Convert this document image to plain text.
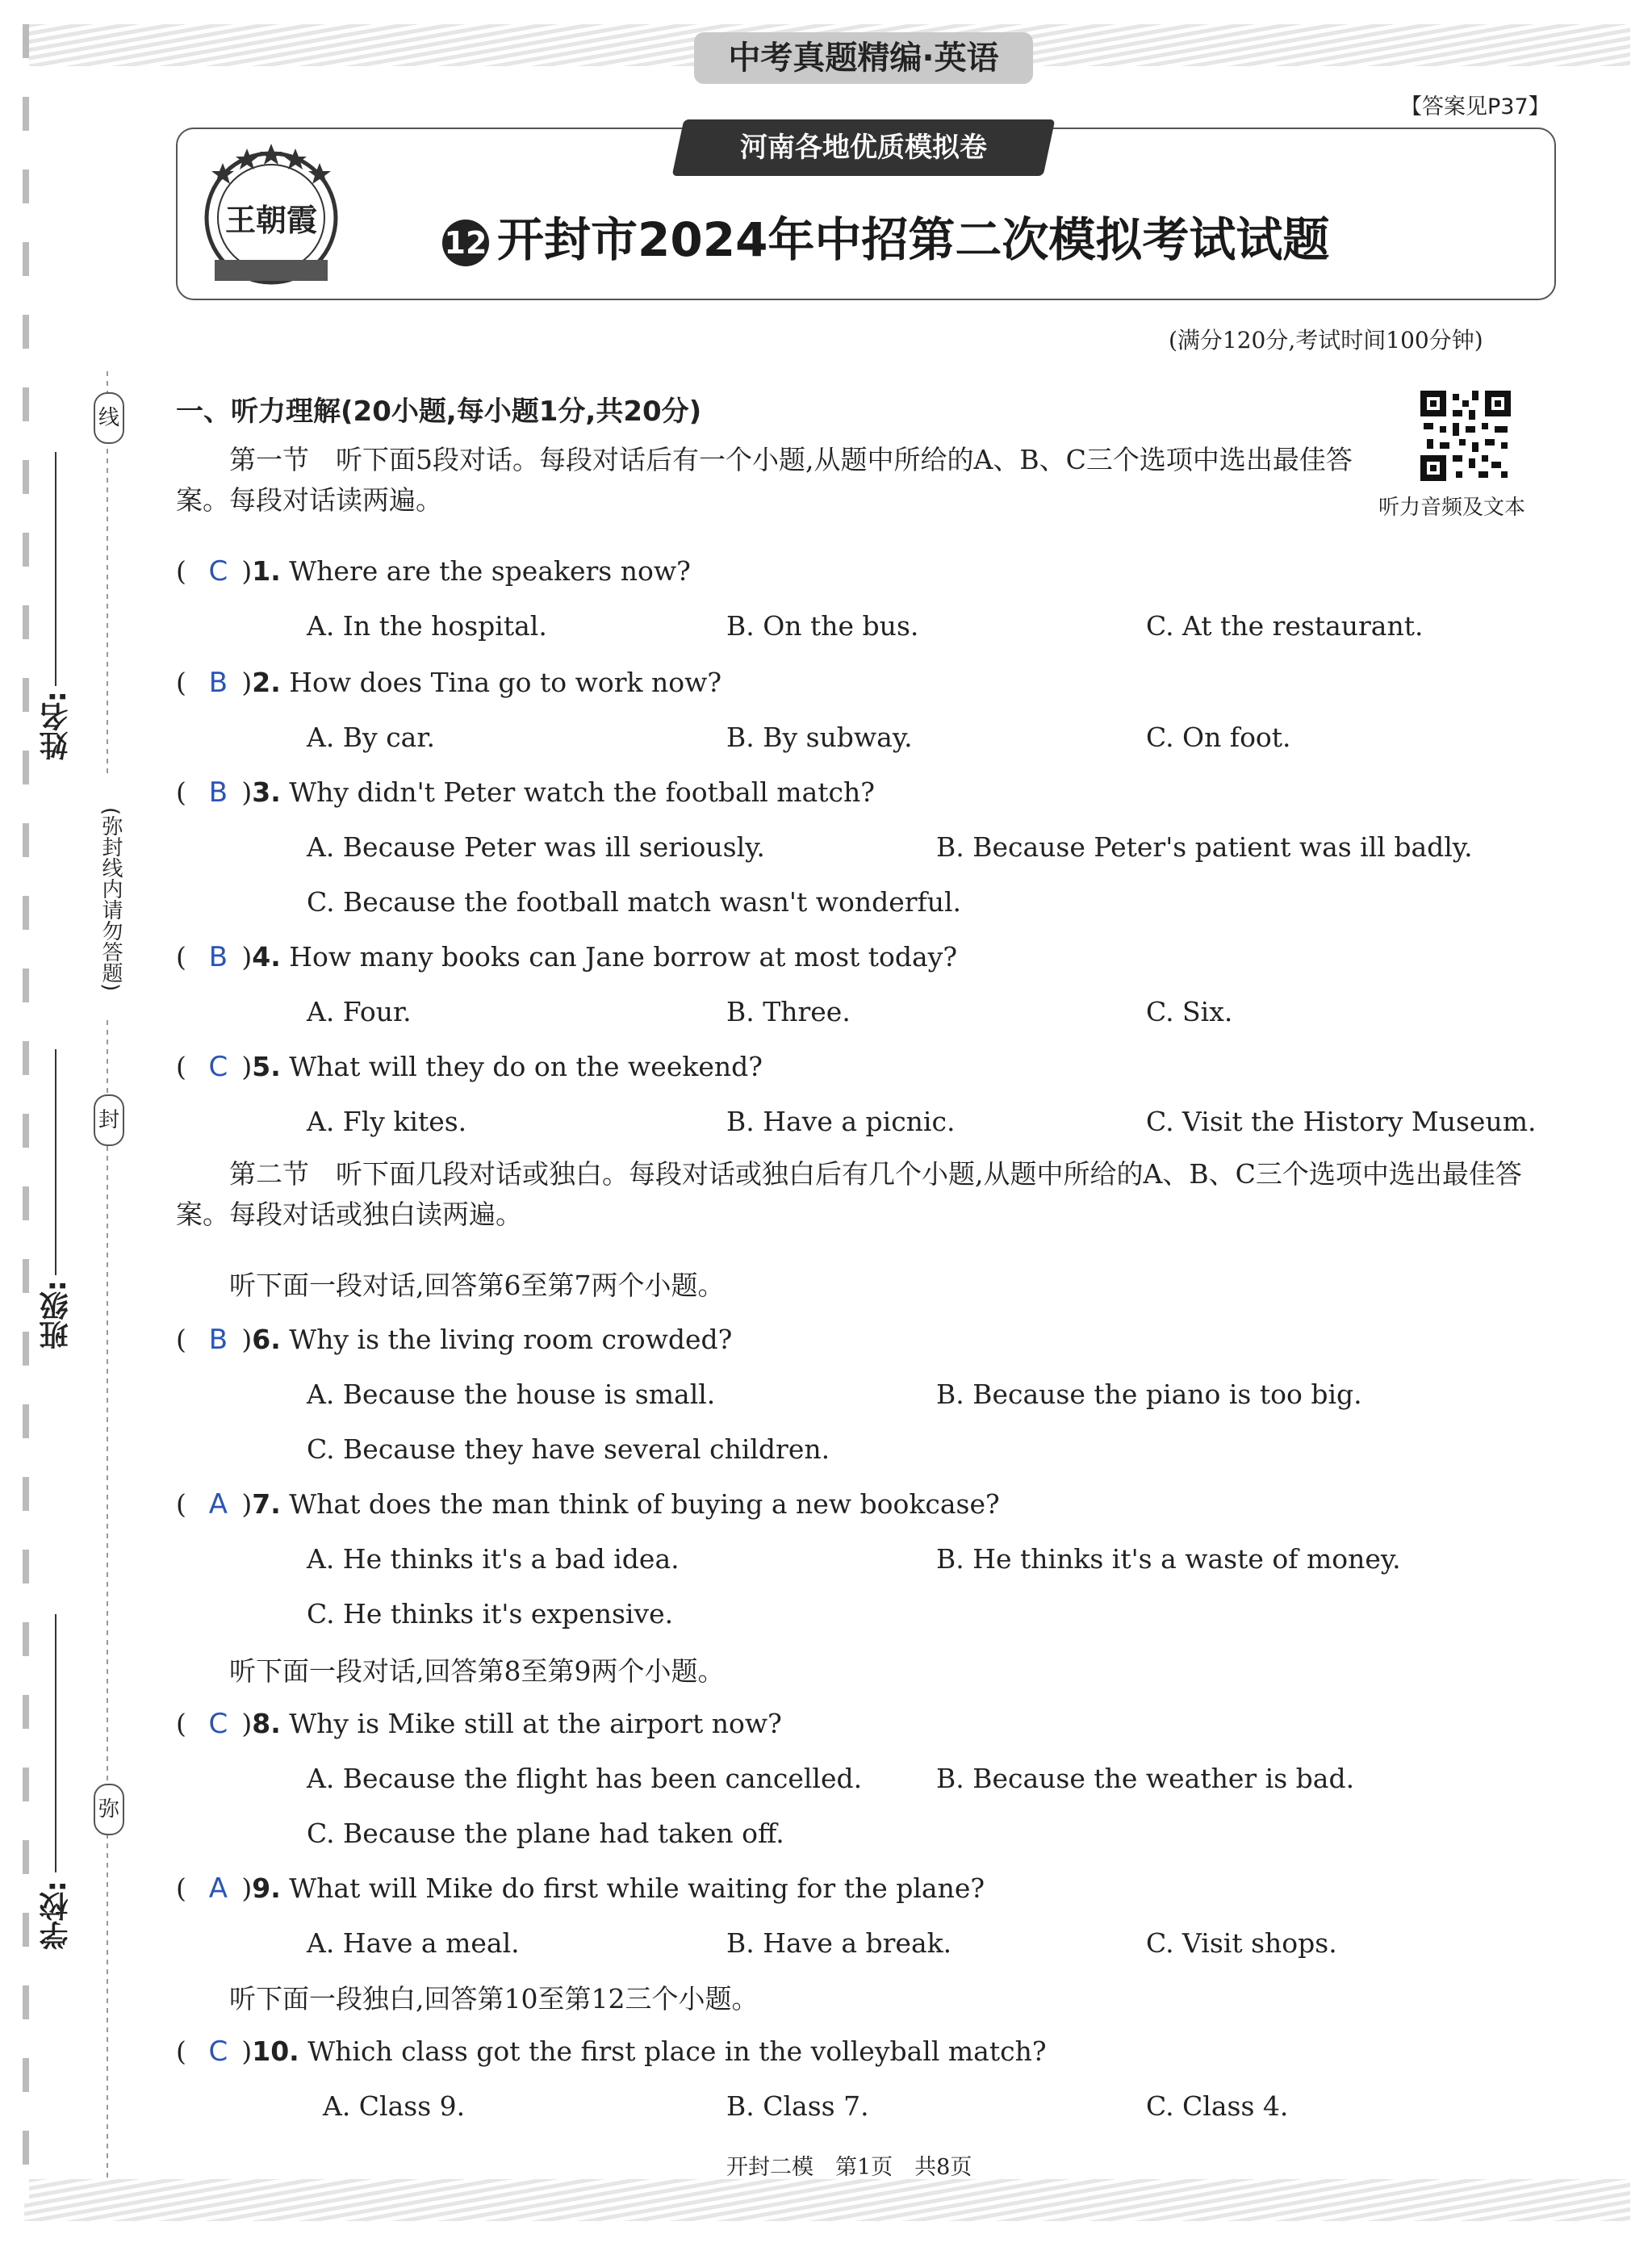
中考真题精编·英语
【答案见P37】
王朝霞
河南各地优质模拟卷
12 开封市2024年中招第二次模拟考试试题
(满分120分,考试时间100分钟)
一、听力理解(20小题,每小题1分,共20分)
听力音频及文本
第一节　听下面5段对话。每段对话后有一个小题,从题中所给的A、B、C三个选项中选出最佳答案。每段对话读两遍。
( C )1. Where are the speakers now?
A. In the hospital.	B. On the bus.	C. At the restaurant.
( B )2. How does Tina go to work now?
A. By car.	B. By subway.	C. On foot.
( B )3. Why didn't Peter watch the football match?
A. Because Peter was ill seriously.	B. Because Peter's patient was ill badly.
C. Because the football match wasn't wonderful.
( B )4. How many books can Jane borrow at most today?
A. Four.	B. Three.	C. Six.
( C )5. What will they do on the weekend?
A. Fly kites.	B. Have a picnic.	C. Visit the History Museum.
第二节　听下面几段对话或独白。每段对话或独白后有几个小题,从题中所给的A、B、C三个选项中选出最佳答案。每段对话或独白读两遍。
听下面一段对话,回答第6至第7两个小题。
( B )6. Why is the living room crowded?
A. Because the house is small.	B. Because the piano is too big.
C. Because they have several children.
( A )7. What does the man think of buying a new bookcase?
A. He thinks it's a bad idea.	B. He thinks it's a waste of money.
C. He thinks it's expensive.
听下面一段对话,回答第8至第9两个小题。
( C )8. Why is Mike still at the airport now?
A. Because the flight has been cancelled.	B. Because the weather is bad.
C. Because the plane had taken off.
( A )9. What will Mike do first while waiting for the plane?
A. Have a meal.	B. Have a break.	C. Visit shops.
听下面一段独白,回答第10至第12三个小题。
( C )10. Which class got the first place in the volleyball match?
A. Class 9.	B. Class 7.	C. Class 4.
开封二模　第1页　共8页
线
封
弥
(弥封线内请勿答题)
姓名:
班级:
学校:
